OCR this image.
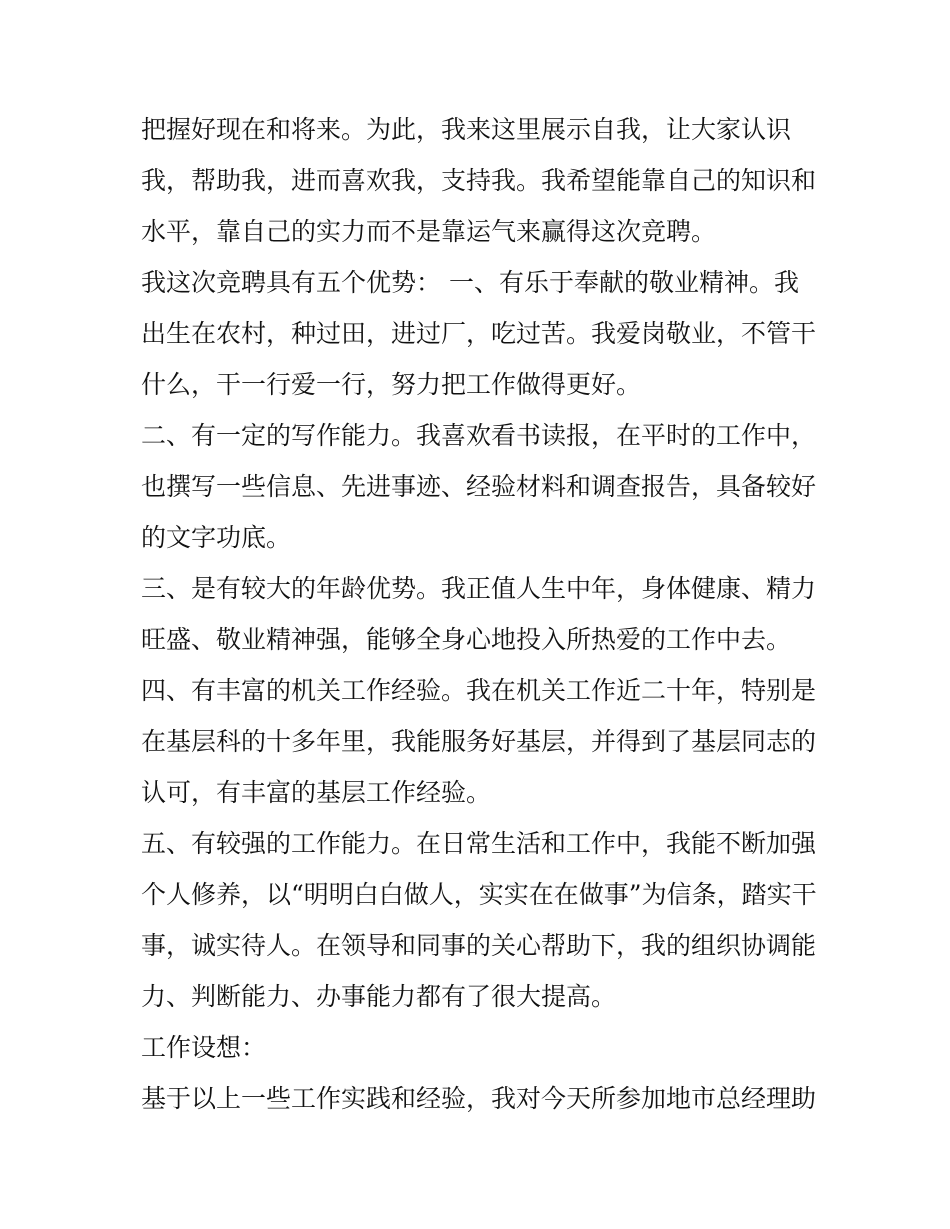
把握好现在和将来。为此，我来这里展示自我，让大家认识
我，帮助我，进而喜欢我，支持我。我希望能靠自己的知识和
水平，靠自己的实力而不是靠运气来赢得这次竞聘。
我这次竞聘具有五个优势： 一、有乐于奉献的敬业精神。我
出生在农村，种过田，进过厂，吃过苦。我爱岗敬业，不管干
什么，干一行爱一行，努力把工作做得更好。
二、有一定的写作能力。我喜欢看书读报，在平时的工作中，
也撰写一些信息、先进事迹、经验材料和调查报告，具备较好
的文字功底。
三、是有较大的年龄优势。我正值人生中年，身体健康、精力
旺盛、敬业精神强，能够全身心地投入所热爱的工作中去。
四、有丰富的机关工作经验。我在机关工作近二十年，特别是
在基层科的十多年里，我能服务好基层，并得到了基层同志的
认可，有丰富的基层工作经验。
五、有较强的工作能力。在日常生活和工作中，我能不断加强
个人修养，以“明明白白做人，实实在在做事”为信条，踏实干
事，诚实待人。在领导和同事的关心帮助下，我的组织协调能
力、判断能力、办事能力都有了很大提高。
工作设想：
基于以上一些工作实践和经验，我对今天所参加地市总经理助
